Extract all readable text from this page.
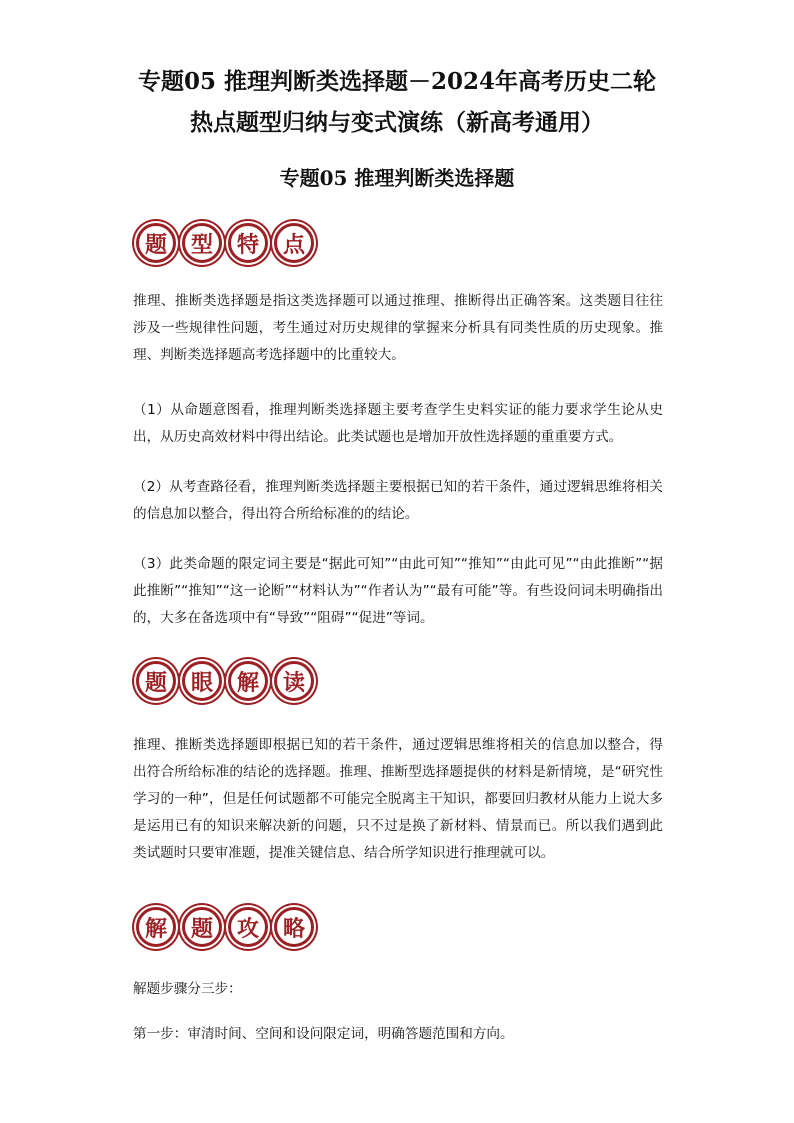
专题05 推理判断类选择题－2024年高考历史二轮
热点题型归纳与变式演练（新高考通用）
专题05 推理判断类选择题
题	型	特	点

推理、推断类选择题是指这类选择题可以通过推理、推断得出正确答案。这类题目往往涉及一些规律性问题，考生通过对历史规律的掌握来分析具有同类性质的历史现象。推理、判断类选择题高考选择题中的比重较大。

（1）从命题意图看，推理判断类选择题主要考查学生史料实证的能力要求学生论从史出，从历史高效材料中得出结论。此类试题也是增加开放性选择题的重重要方式。

（2）从考查路径看，推理判断类选择题主要根据已知的若干条件，通过逻辑思维将相关的信息加以整合，得出符合所给标准的的结论。

（3）此类命题的限定词主要是“据此可知”“由此可知”“推知”“由此可见”“由此推断”“据此推断”“推知”“这一论断”“材料认为”“作者认为”“最有可能”等。有些设问词未明确指出的，大多在备选项中有“导致”“阻碍”“促进”等词。

题	眼	解	读

推理、推断类选择题即根据已知的若干条件，通过逻辑思维将相关的信息加以整合，得出符合所给标准的结论的选择题。推理、推断型选择题提供的材料是新情境，是“研究性学习的一种”，但是任何试题都不可能完全脱离主干知识，都要回归教材从能力上说大多是运用已有的知识来解决新的问题，只不过是换了新材料、情景而已。所以我们遇到此类试题时只要审准题，提准关键信息、结合所学知识进行推理就可以。

解	题	攻	略

解题步骤分三步：

第一步：审清时间、空间和设问限定词，明确答题范围和方向。
